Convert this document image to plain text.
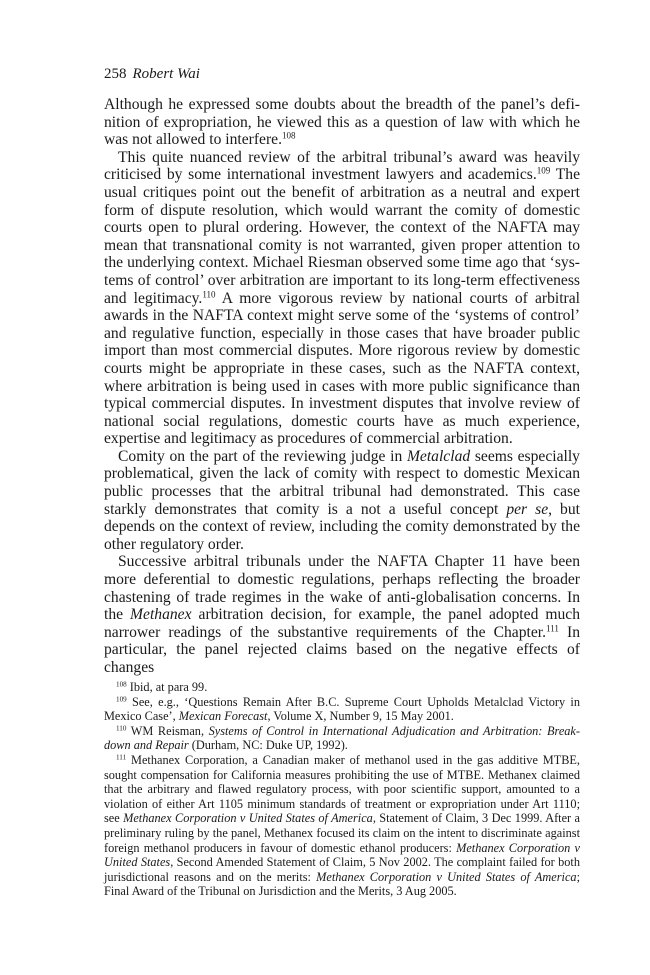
258 Robert Wai

Although he expressed some doubts about the breadth of the panel’s definition of expropriation, he viewed this as a question of law with which he was not allowed to interfere.$^{108}$

This quite nuanced review of the arbitral tribunal’s award was heavily criticised by some international investment lawyers and academics.$^{109}$ The usual critiques point out the benefit of arbitration as a neutral and expert form of dispute resolution, which would warrant the comity of domestic courts open to plural ordering. However, the context of the NAFTA may mean that transnational comity is not warranted, given proper attention to the underlying context. Michael Riesman observed some time ago that ‘systems of control’ over arbitration are important to its long-term effectiveness and legitimacy.$^{110}$ A more vigorous review by national courts of arbitral awards in the NAFTA context might serve some of the ‘systems of control’ and regulative function, especially in those cases that have broader public import than most commercial disputes. More rigorous review by domestic courts might be appropriate in these cases, such as the NAFTA context, where arbitration is being used in cases with more public significance than typical commercial disputes. In investment disputes that involve review of national social regulations, domestic courts have as much experience, expertise and legitimacy as procedures of commercial arbitration.

Comity on the part of the reviewing judge in Metalclad seems especially problematical, given the lack of comity with respect to domestic Mexican public processes that the arbitral tribunal had demonstrated. This case starkly demonstrates that comity is a not a useful concept per se, but depends on the context of review, including the comity demonstrated by the other regulatory order.

Successive arbitral tribunals under the NAFTA Chapter 11 have been more deferential to domestic regulations, perhaps reflecting the broader chastening of trade regimes in the wake of anti-globalisation concerns. In the Methanex arbitration decision, for example, the panel adopted much narrower readings of the substantive requirements of the Chapter.$^{111}$ In particular, the panel rejected claims based on the negative effects of changes

$^{108}$ Ibid, at para 99.

$^{109}$ See, e.g., ‘Questions Remain After B.C. Supreme Court Upholds Metalclad Victory in Mexico Case’, Mexican Forecast, Volume X, Number 9, 15 May 2001.

$^{110}$ WM Reisman, Systems of Control in International Adjudication and Arbitration: Breakdown and Repair (Durham, NC: Duke UP, 1992).

$^{111}$ Methanex Corporation, a Canadian maker of methanol used in the gas additive MTBE, sought compensation for California measures prohibiting the use of MTBE. Methanex claimed that the arbitrary and flawed regulatory process, with poor scientific support, amounted to a violation of either Art 1105 minimum standards of treatment or expropriation under Art 1110; see Methanex Corporation v United States of America, Statement of Claim, 3 Dec 1999. After a preliminary ruling by the panel, Methanex focused its claim on the intent to discriminate against foreign methanol producers in favour of domestic ethanol producers: Methanex Corporation v United States, Second Amended Statement of Claim, 5 Nov 2002. The complaint failed for both jurisdictional reasons and on the merits: Methanex Corporation v United States of America; Final Award of the Tribunal on Jurisdiction and the Merits, 3 Aug 2005.
